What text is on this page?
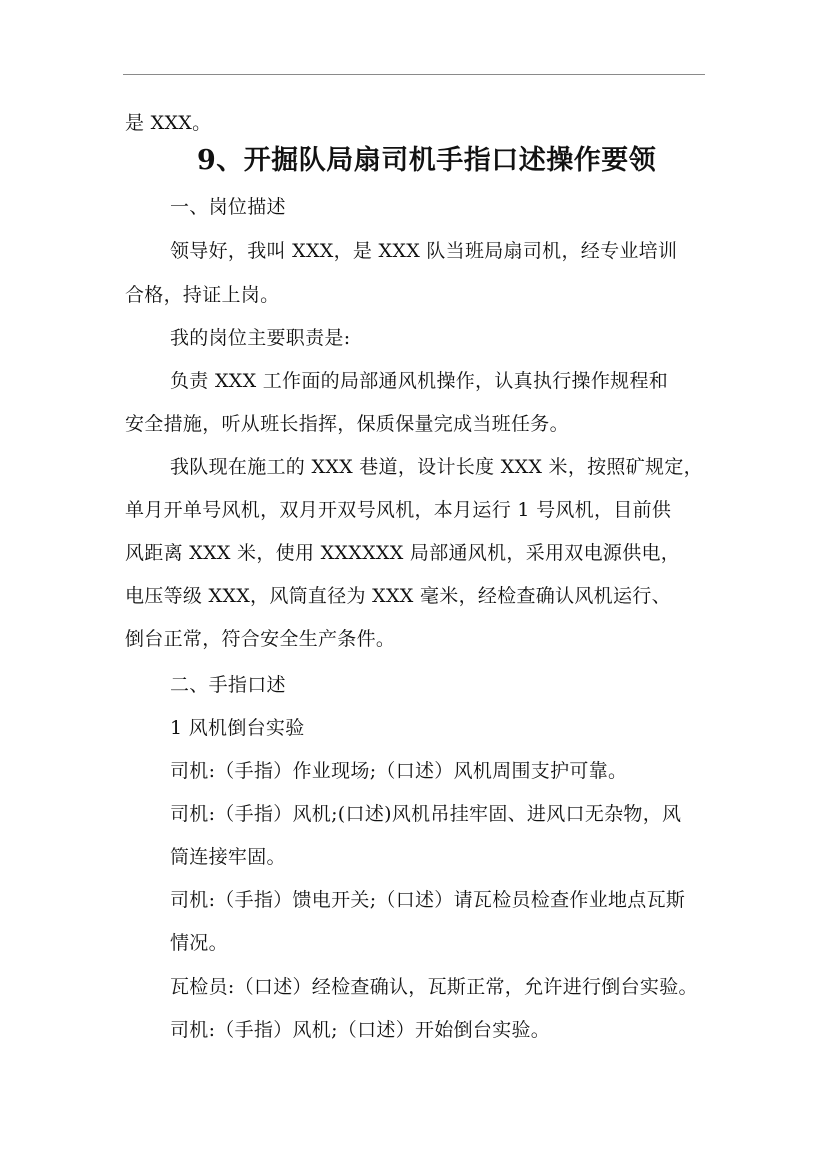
是 XXX。
9、开掘队局扇司机手指口述操作要领
一、岗位描述
领导好，我叫 XXX，是 XXX 队当班局扇司机，经专业培训
合格，持证上岗。
我的岗位主要职责是:
负责 XXX 工作面的局部通风机操作，认真执行操作规程和
安全措施，听从班长指挥，保质保量完成当班任务。
我队现在施工的 XXX 巷道，设计长度 XXX 米，按照矿规定，
单月开单号风机，双月开双号风机，本月运行 1 号风机，目前供
风距离 XXX 米，使用 XXXXXX 局部通风机，采用双电源供电，
电压等级 XXX，风筒直径为 XXX 毫米，经检查确认风机运行、
倒台正常，符合安全生产条件。
二、手指口述
1 风机倒台实验
司机:（手指）作业现场;（口述）风机周围支护可靠。
司机:（手指）风机;(口述)风机吊挂牢固、进风口无杂物，风
筒连接牢固。
司机:（手指）馈电开关;（口述）请瓦检员检查作业地点瓦斯
情况。
瓦检员:（口述）经检查确认，瓦斯正常，允许进行倒台实验。
司机:（手指）风机;（口述）开始倒台实验。
